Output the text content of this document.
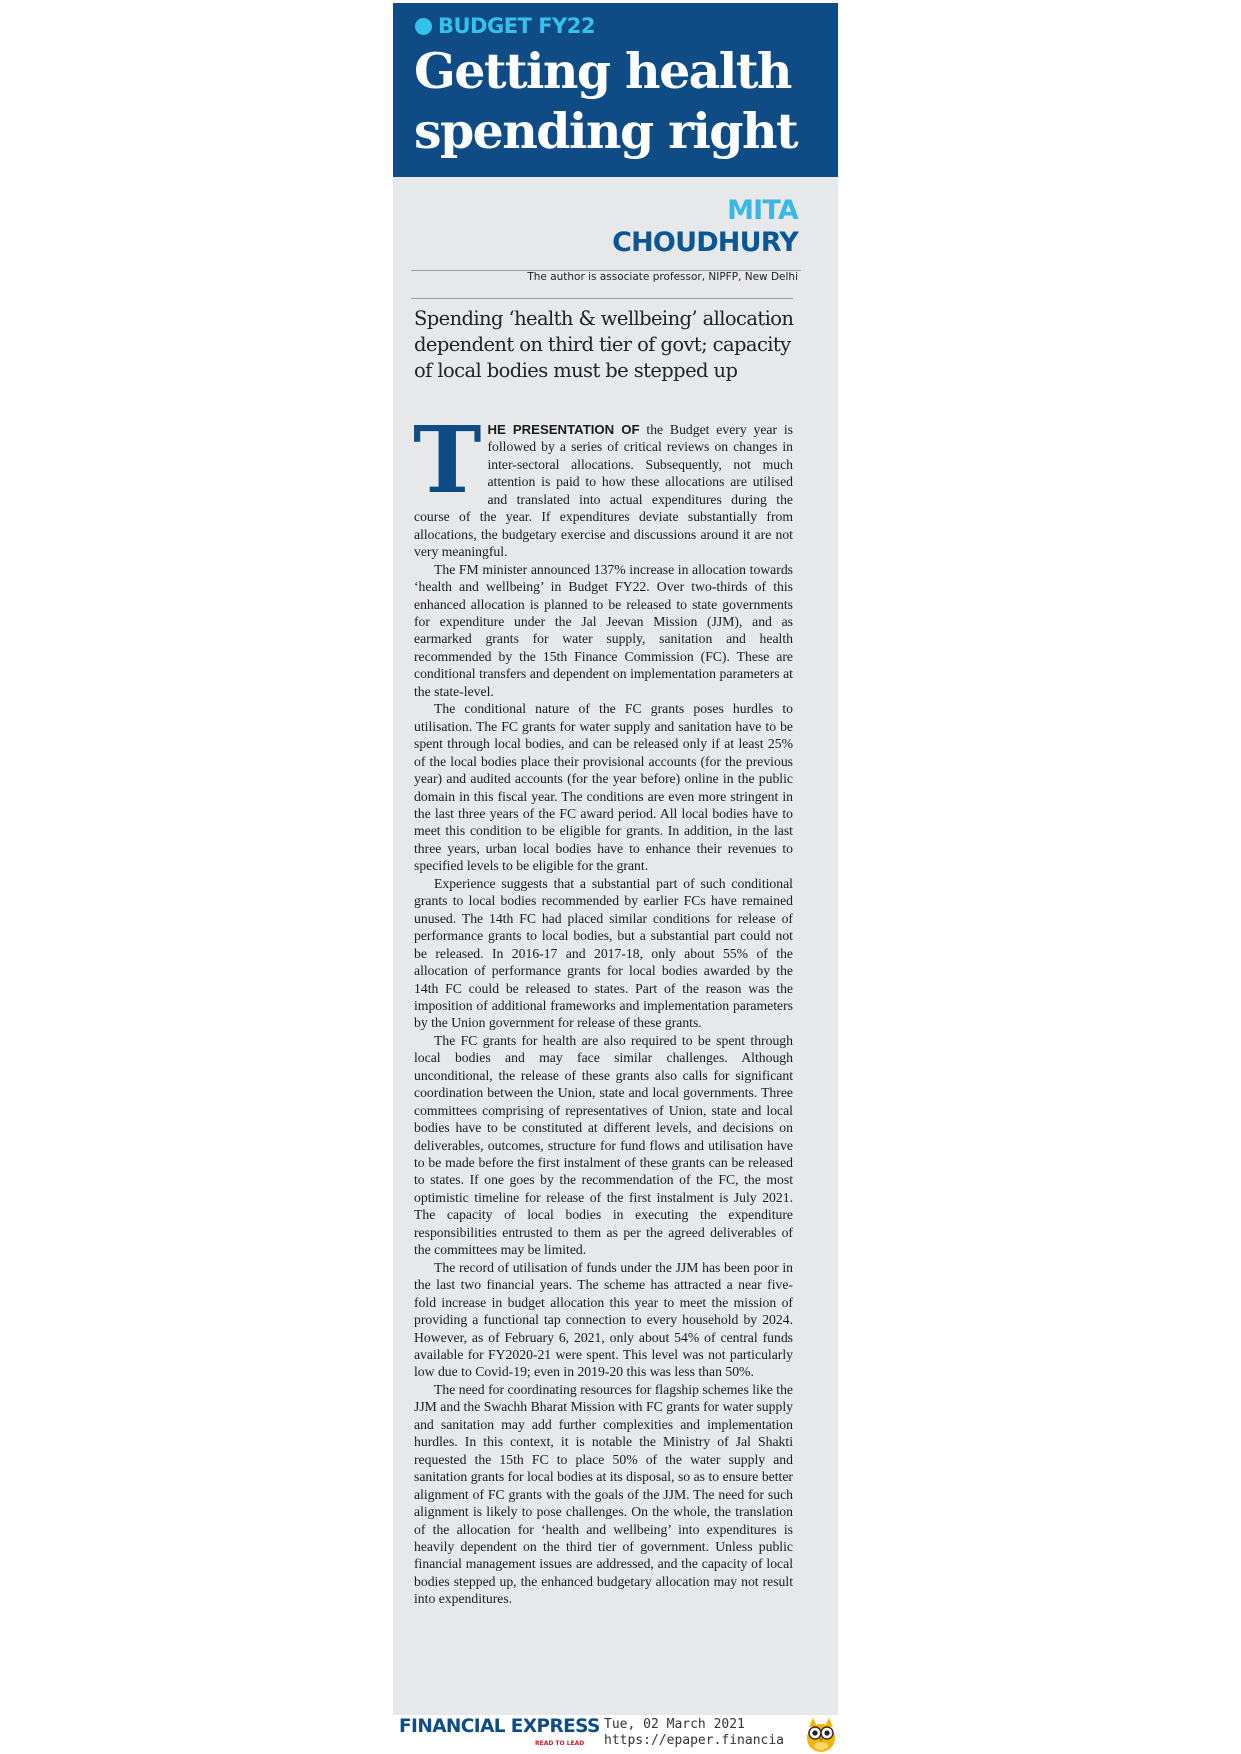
BUDGET FY22
Getting health
spending right
MITA
CHOUDHURY
The author is associate professor, NIPFP, New Delhi
Spending ‘health & wellbeing’ allocation
dependent on third tier of govt; capacity
of local bodies must be stepped up

THE PRESENTATION OF the Budget every year is followed by a series of critical reviews on changes in inter-sectoral allocations. Subsequently, not much attention is paid to how these allocations are utilised and translated into actual expenditures during the course of the year. If expenditures deviate substantially from allocations, the budgetary exercise and discussions around it are not very meaningful.

The FM minister announced 137% increase in allocation towards ‘health and wellbeing’ in Budget FY22. Over two-thirds of this enhanced allocation is planned to be released to state governments for expenditure under the Jal Jeevan Mission (JJM), and as earmarked grants for water supply, sanitation and health recommended by the 15th Finance Commission (FC). These are conditional transfers and dependent on implementation parameters at the state-level.

The conditional nature of the FC grants poses hurdles to utilisation. The FC grants for water supply and sanitation have to be spent through local bodies, and can be released only if at least 25% of the local bodies place their provisional accounts (for the previous year) and audited accounts (for the year before) online in the public domain in this fiscal year. The conditions are even more stringent in the last three years of the FC award period. All local bodies have to meet this condition to be eligible for grants. In addition, in the last three years, urban local bodies have to enhance their revenues to specified levels to be eligible for the grant.

Experience suggests that a substantial part of such conditional grants to local bodies recommended by earlier FCs have remained unused. The 14th FC had placed similar conditions for release of performance grants to local bodies, but a substantial part could not be released. In 2016-17 and 2017-18, only about 55% of the allocation of performance grants for local bodies awarded by the 14th FC could be released to states. Part of the reason was the imposition of additional frameworks and implementation parameters by the Union government for release of these grants.

The FC grants for health are also required to be spent through local bodies and may face similar challenges. Although unconditional, the release of these grants also calls for significant coordination between the Union, state and local governments. Three committees comprising of representatives of Union, state and local bodies have to be constituted at different levels, and decisions on deliverables, outcomes, structure for fund flows and utilisation have to be made before the first instalment of these grants can be released to states. If one goes by the recommendation of the FC, the most optimistic timeline for release of the first instalment is July 2021. The capacity of local bodies in executing the expenditure responsibilities entrusted to them as per the agreed deliverables of the committees may be limited.

The record of utilisation of funds under the JJM has been poor in the last two financial years. The scheme has attracted a near five-fold increase in budget allocation this year to meet the mission of providing a functional tap connection to every household by 2024. However, as of February 6, 2021, only about 54% of central funds available for FY2020-21 were spent. This level was not particularly low due to Covid-19; even in 2019-20 this was less than 50%.

The need for coordinating resources for flagship schemes like the JJM and the Swachh Bharat Mission with FC grants for water supply and sanitation may add further complexities and implementation hurdles. In this context, it is notable the Ministry of Jal Shakti requested the 15th FC to place 50% of the water supply and sanitation grants for local bodies at its disposal, so as to ensure better alignment of FC grants with the goals of the JJM. The need for such alignment is likely to pose challenges. On the whole, the translation of the allocation for ‘health and wellbeing’ into expenditures is heavily dependent on the third tier of government. Unless public financial management issues are addressed, and the capacity of local bodies stepped up, the enhanced budgetary allocation may not result into expenditures.

FINANCIAL EXPRESS
READ TO LEAD
Tue, 02 March 2021
https://epaper.financia
